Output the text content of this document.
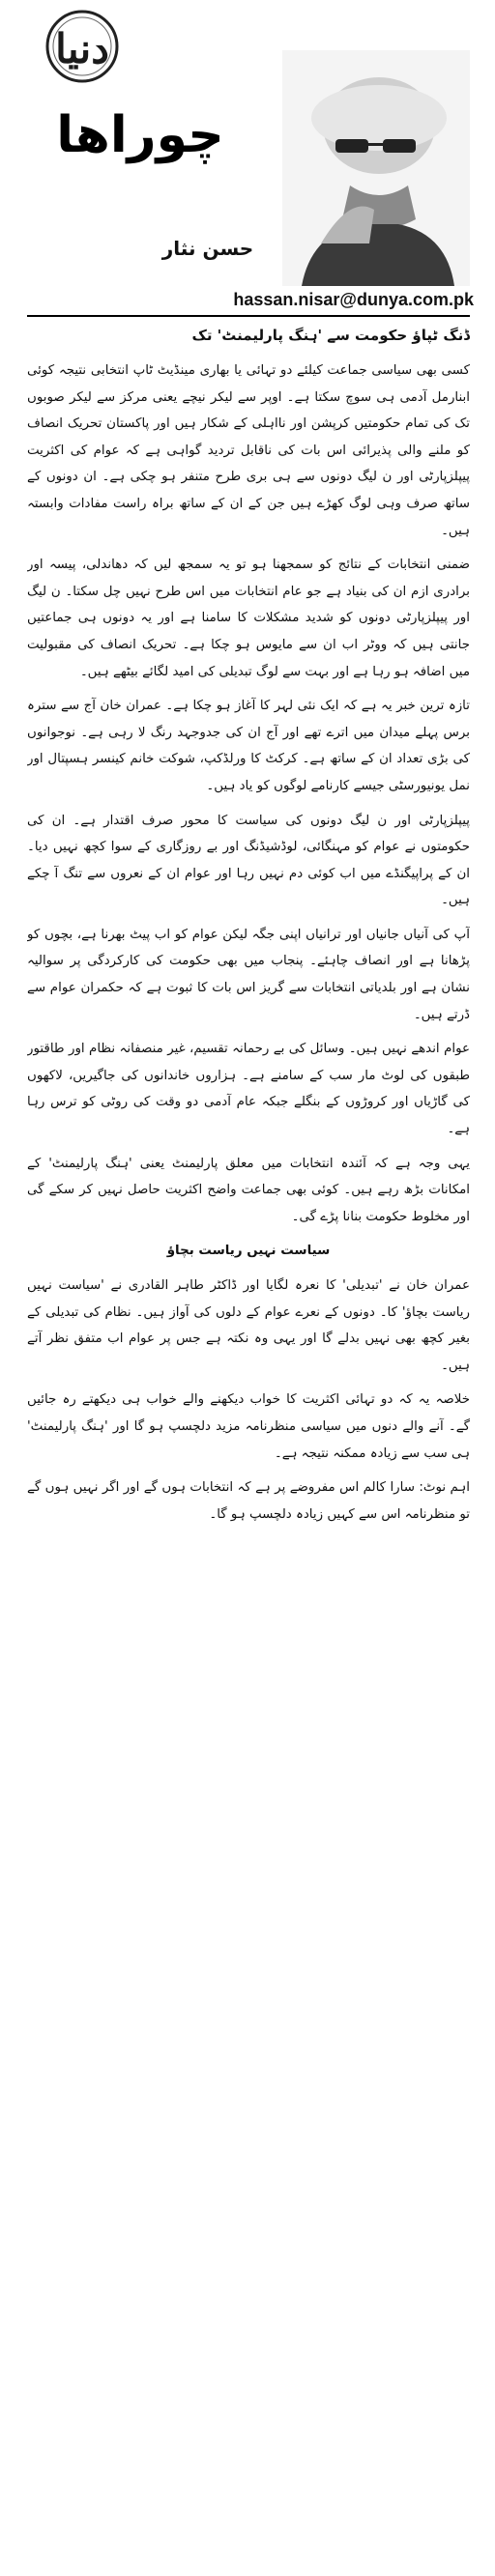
دنیا
چوراھا
حسن نثار
hassan.nisar@dunya.com.pk
ڈنگ ٹپاؤ حکومت سے 'ہنگ پارلیمنٹ' تک

کسی بھی سیاسی جماعت کیلئے دو تہائی یا بھاری مینڈیٹ ٹاپ انتخابی نتیجہ کوئی ابنارمل آدمی ہی سوچ سکتا ہے۔ اوپر سے لیکر نیچے یعنی مرکز سے لیکر صوبوں تک کی تمام حکومتیں کرپشن اور نااہلی کے شکار ہیں اور پاکستان تحریک انصاف کو ملنے والی پذیرائی اس بات کی ناقابل تردید گواہی ہے کہ عوام کی اکثریت پیپلزپارٹی اور ن لیگ دونوں سے ہی بری طرح متنفر ہو چکی ہے۔ ان دونوں کے ساتھ صرف وہی لوگ کھڑے ہیں جن کے ان کے ساتھ براہ راست مفادات وابستہ ہیں۔

ضمنی انتخابات کے نتائج کو سمجھنا ہو تو یہ سمجھ لیں کہ دھاندلی، پیسہ اور برادری ازم ان کی بنیاد ہے جو عام انتخابات میں اس طرح نہیں چل سکتا۔ ن لیگ اور پیپلزپارٹی دونوں کو شدید مشکلات کا سامنا ہے اور یہ دونوں ہی جماعتیں جانتی ہیں کہ ووٹر اب ان سے مایوس ہو چکا ہے۔ تحریک انصاف کی مقبولیت میں اضافہ ہو رہا ہے اور بہت سے لوگ تبدیلی کی امید لگائے بیٹھے ہیں۔

تازہ ترین خبر یہ ہے کہ ایک نئی لہر کا آغاز ہو چکا ہے۔ عمران خان آج سے سترہ برس پہلے میدان میں اترے تھے اور آج ان کی جدوجہد رنگ لا رہی ہے۔ نوجوانوں کی بڑی تعداد ان کے ساتھ ہے۔ کرکٹ کا ورلڈکپ، شوکت خانم کینسر ہسپتال اور نمل یونیورسٹی جیسے کارنامے لوگوں کو یاد ہیں۔

پیپلزپارٹی اور ن لیگ دونوں کی سیاست کا محور صرف اقتدار ہے۔ ان کی حکومتوں نے عوام کو مہنگائی، لوڈشیڈنگ اور بے روزگاری کے سوا کچھ نہیں دیا۔ ان کے پراپیگنڈے میں اب کوئی دم نہیں رہا اور عوام ان کے نعروں سے تنگ آ چکے ہیں۔

آپ کی آنیاں جانیاں اور ترانیاں اپنی جگہ لیکن عوام کو اب پیٹ بھرنا ہے، بچوں کو پڑھانا ہے اور انصاف چاہئے۔ پنجاب میں بھی حکومت کی کارکردگی پر سوالیہ نشان ہے اور بلدیاتی انتخابات سے گریز اس بات کا ثبوت ہے کہ حکمران عوام سے ڈرتے ہیں۔

عوام اندھے نہیں ہیں۔ وسائل کی بے رحمانہ تقسیم، غیر منصفانہ نظام اور طاقتور طبقوں کی لوٹ مار سب کے سامنے ہے۔ ہزاروں خاندانوں کی جاگیریں، لاکھوں کی گاڑیاں اور کروڑوں کے بنگلے جبکہ عام آدمی دو وقت کی روٹی کو ترس رہا ہے۔

یہی وجہ ہے کہ آئندہ انتخابات میں معلق پارلیمنٹ یعنی 'ہنگ پارلیمنٹ' کے امکانات بڑھ رہے ہیں۔ کوئی بھی جماعت واضح اکثریت حاصل نہیں کر سکے گی اور مخلوط حکومت بنانا پڑے گی۔

سیاست نہیں ریاست بچاؤ

عمران خان نے 'تبدیلی' کا نعرہ لگایا اور ڈاکٹر طاہر القادری نے 'سیاست نہیں ریاست بچاؤ' کا۔ دونوں کے نعرے عوام کے دلوں کی آواز ہیں۔ نظام کی تبدیلی کے بغیر کچھ بھی نہیں بدلے گا اور یہی وہ نکتہ ہے جس پر عوام اب متفق نظر آتے ہیں۔

خلاصہ یہ کہ دو تہائی اکثریت کا خواب دیکھنے والے خواب ہی دیکھتے رہ جائیں گے۔ آنے والے دنوں میں سیاسی منظرنامہ مزید دلچسپ ہو گا اور 'ہنگ پارلیمنٹ' ہی سب سے زیادہ ممکنہ نتیجہ ہے۔

اہم نوٹ: سارا کالم اس مفروضے پر ہے کہ انتخابات ہوں گے اور اگر نہیں ہوں گے تو منظرنامہ اس سے کہیں زیادہ دلچسپ ہو گا۔
